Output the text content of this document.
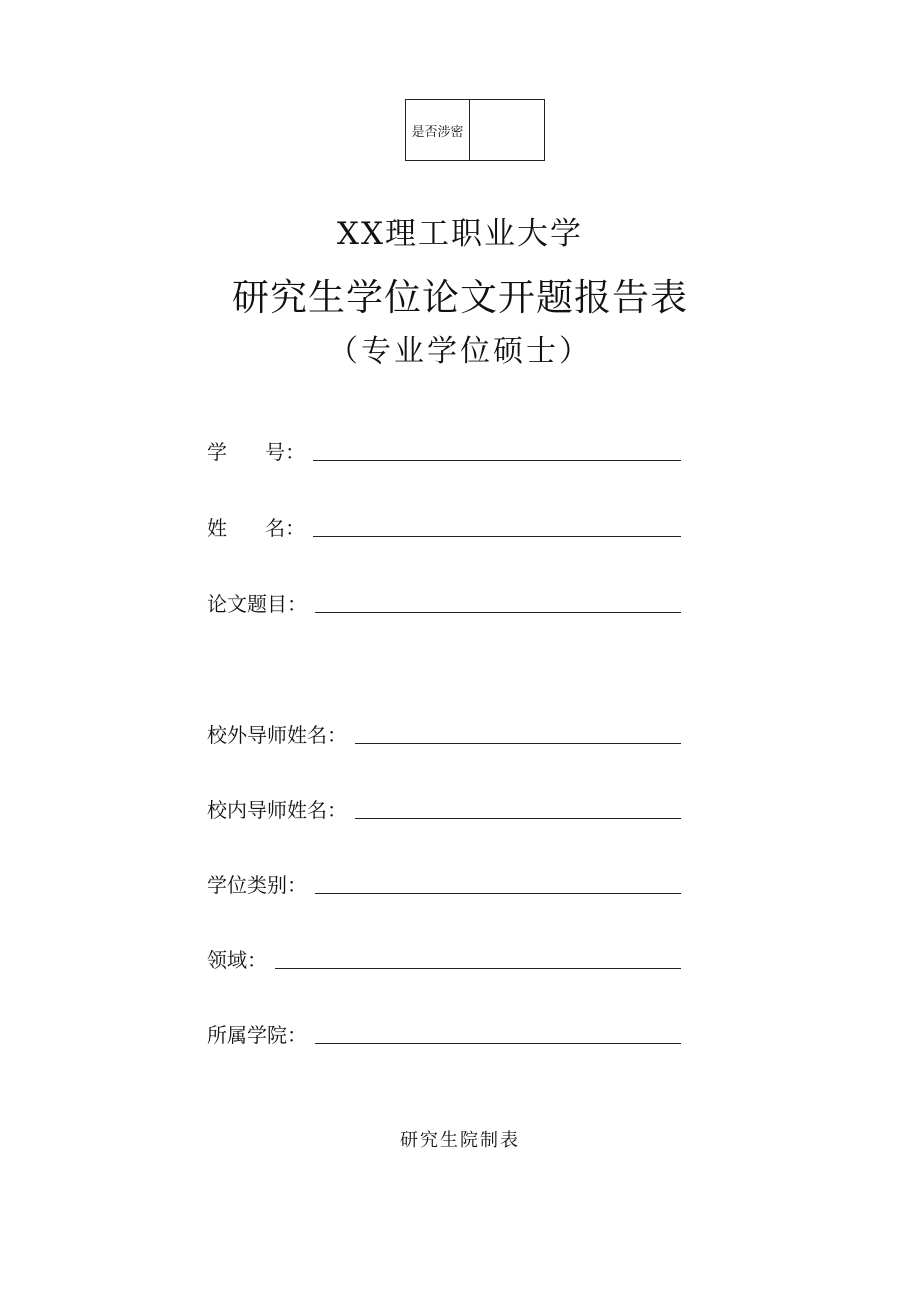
是否涉密
XX理工职业大学
研究生学位论文开题报告表
（专业学位硕士）
学      号：
姓      名：
论文题目：
校外导师姓名：
校内导师姓名：
学位类别：
领域：
所属学院：
研究生院制表
